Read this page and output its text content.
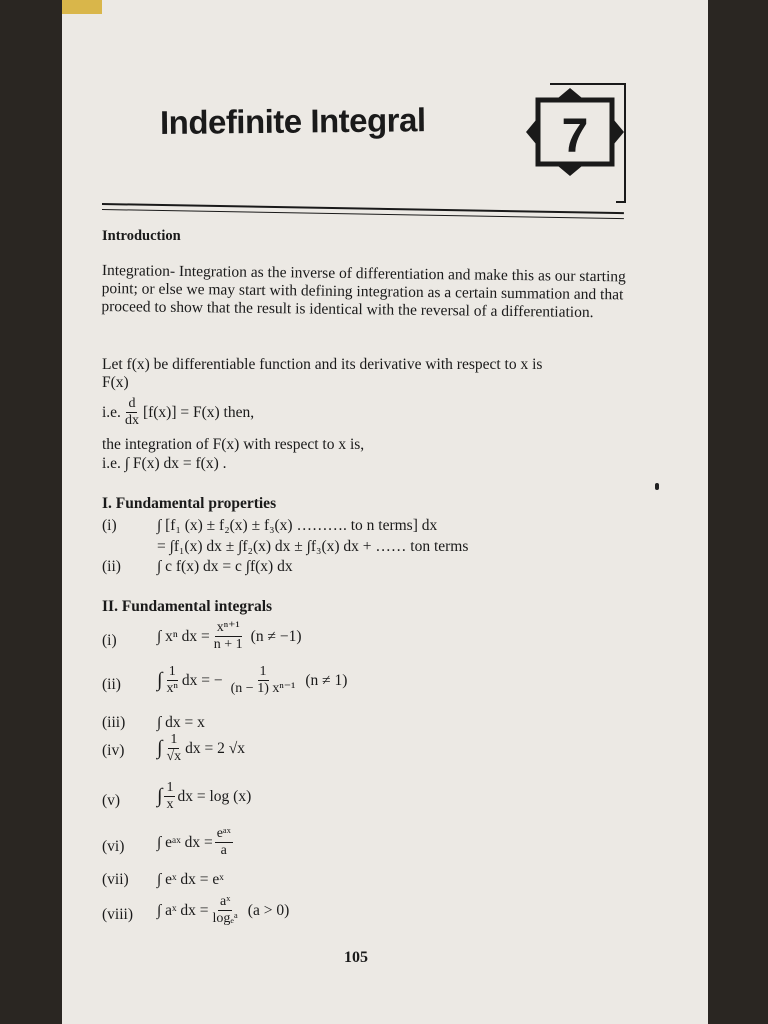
Indefinite Integral	7
Introduction
Integration- Integration as the inverse of differentiation and make this as our starting point; or else we may start with defining integration as a certain summation and that proceed to show that the result is identical with the reversal of a differentiation.
Let f(x) be differentiable function and its derivative with respect to x is
F(x)
i.e. $\frac{d}{dx} [f(x)] = F(x)$ then,
the integration of F(x) with respect to x is,
i.e. ∫ F(x) dx = f(x) .
I. Fundamental properties
(i)	∫ [f₁ (x) ± f₂(x) ± f₃(x) ………. to n terms] dx
= ∫f₁(x) dx ± ∫f₂(x) dx ± ∫f₃(x) dx + …… ton terms
(ii) ∫ c f(x) dx = c ∫f(x) dx
II. Fundamental integrals
(i)	∫ xⁿ dx = $\frac{\text{xⁿ⁺¹}}{n + 1} (n \ne -1)$
(ii) ∫ $\frac{1}{\text{xⁿ}}$ dx = − $\frac{1}{\text{(n − 1) xⁿ⁻¹}} (n \ne 1)$
(iii) ∫ dx = x
(iv) ∫ $\frac{1}{√x}$ dx = 2 √x
(v) ∫ $\frac{1}{x}$ dx = log (x)
(vi) ∫ eᵃˣ dx = $\frac{\text{eᵃˣ}}{a}$
(vii) ∫ eˣ dx = eˣ
(viii) ∫ aˣ dx = $\frac{\text{aˣ}}{\text{logₑᵃ}} (a > 0)$
105
